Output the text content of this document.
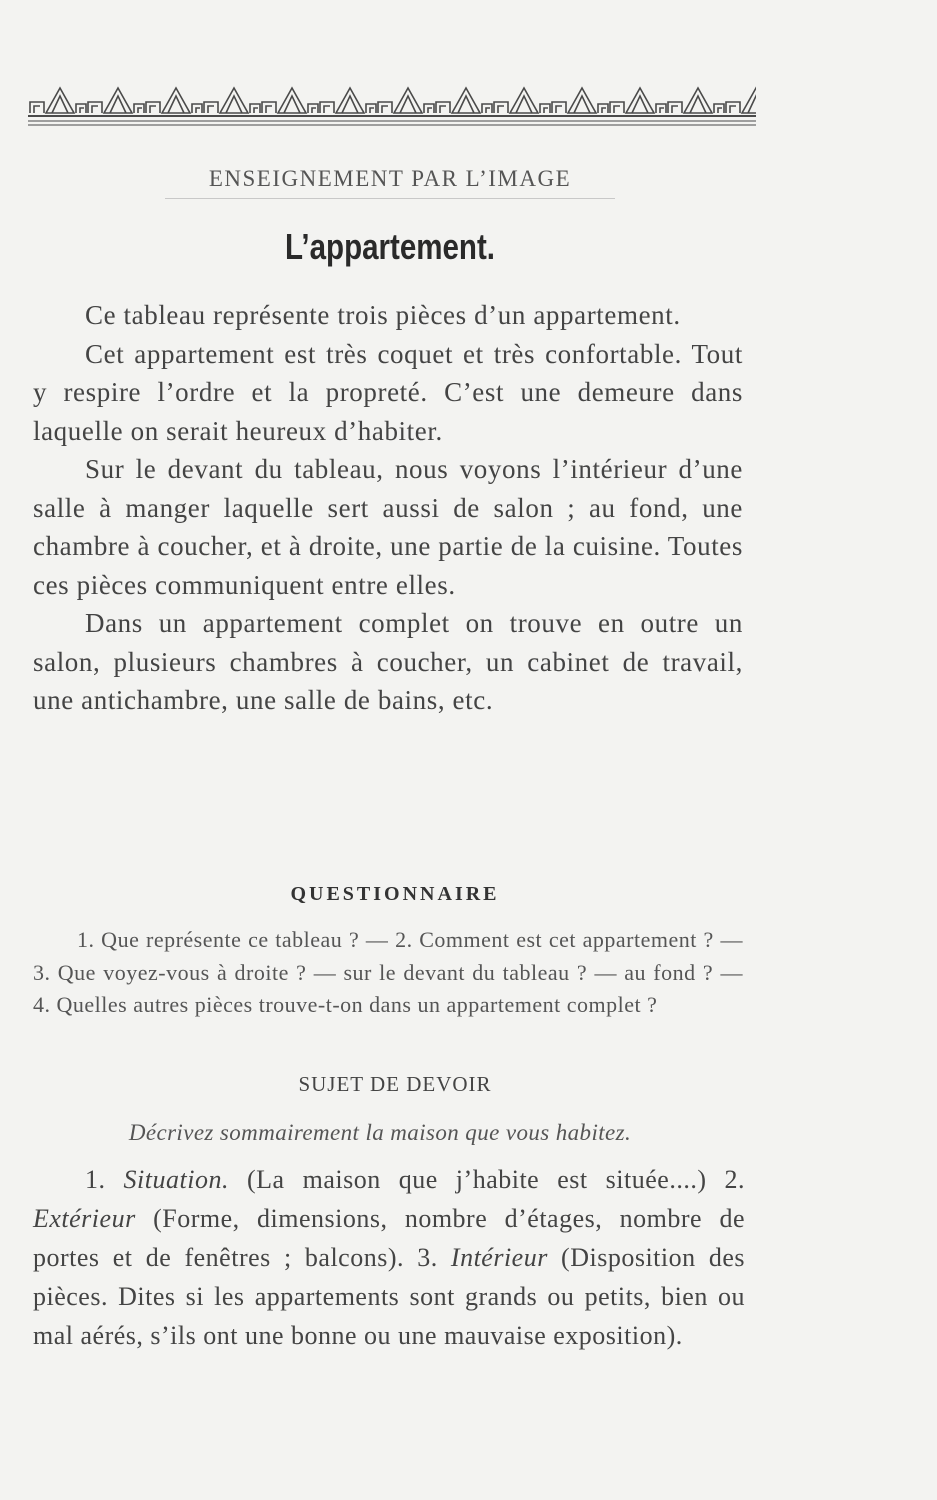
ENSEIGNEMENT PAR L’IMAGE
L’appartement.

Ce tableau représente trois pièces d’un appartement.

Cet appartement est très coquet et très confortable. Tout y respire l’ordre et la propreté. C’est une demeure dans laquelle on serait heureux d’habiter.

Sur le devant du tableau, nous voyons l’intérieur d’une salle à manger laquelle sert aussi de salon ; au fond, une chambre à coucher, et à droite, une partie de la cuisine. Toutes ces pièces communiquent entre elles.

Dans un appartement complet on trouve en outre un salon, plusieurs chambres à coucher, un cabinet de travail, une antichambre, une salle de bains, etc.

QUESTIONNAIRE

1. Que représente ce tableau ? — 2. Comment est cet appartement ? — 3. Que voyez-vous à droite ? — sur le devant du tableau ? — au fond ? — 4. Quelles autres pièces trouve-t-on dans un appartement complet ?

SUJET DE DEVOIR
Décrivez sommairement la maison que vous habitez.

1. Situation. (La maison que j’habite est située....) 2. Extérieur (Forme, dimensions, nombre d’étages, nombre de portes et de fenêtres ; balcons). 3. Intérieur (Disposition des pièces. Dites si les appartements sont grands ou petits, bien ou mal aérés, s’ils ont une bonne ou une mauvaise exposition).
